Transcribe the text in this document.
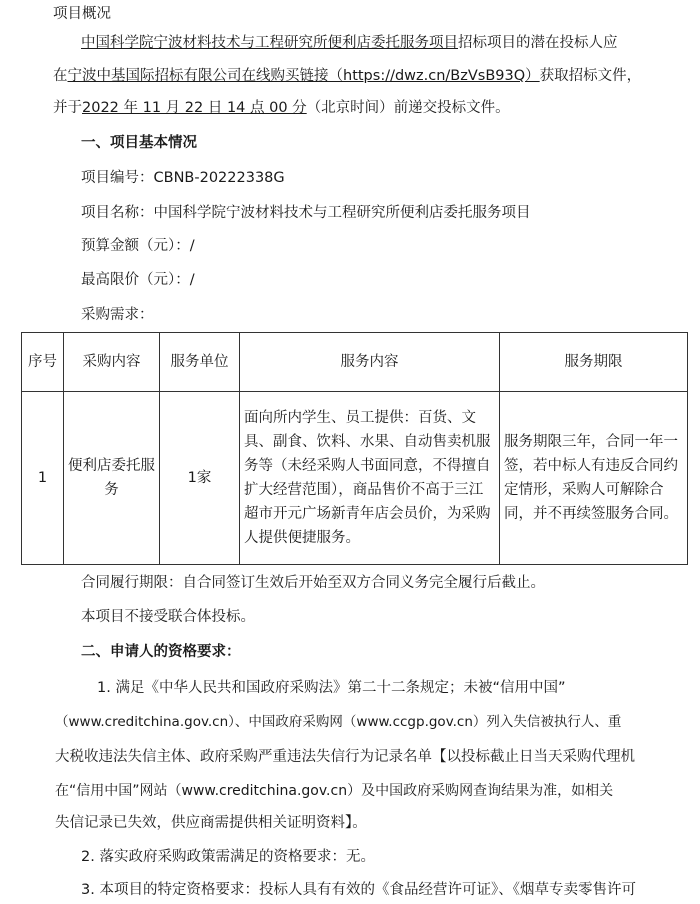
项目概况
中国科学院宁波材料技术与工程研究所便利店委托服务项目招标项目的潜在投标人应
在宁波中基国际招标有限公司在线购买链接（https://dwz.cn/BzVsB93Q）获取招标文件，
并于2022 年 11 月 22 日 14 点 00 分（北京时间）前递交投标文件。
一、项目基本情况
项目编号：CBNB-20222338G
项目名称：中国科学院宁波材料技术与工程研究所便利店委托服务项目
预算金额（元）：/
最高限价（元）：/
采购需求：
序号	采购内容	服务单位	服务内容	服务期限
1	便利店委托服务	1家	面向所内学生、员工提供：百货、文具、副食、饮料、水果、自动售卖机服务等（未经采购人书面同意，不得擅自扩大经营范围），商品售价不高于三江超市开元广场新青年店会员价，为采购人提供便捷服务。	服务期限三年，合同一年一签，若中标人有违反合同约定情形，采购人可解除合同，并不再续签服务合同。
合同履行期限：自合同签订生效后开始至双方合同义务完全履行后截止。
本项目不接受联合体投标。
二、申请人的资格要求：
1. 满足《中华人民共和国政府采购法》第二十二条规定；未被“信用中国”
（www.creditchina.gov.cn）、中国政府采购网（www.ccgp.gov.cn）列入失信被执行人、重
大税收违法失信主体、政府采购严重违法失信行为记录名单【以投标截止日当天采购代理机
在“信用中国”网站（www.creditchina.gov.cn）及中国政府采购网查询结果为准，如相关
失信记录已失效，供应商需提供相关证明资料】。
2. 落实政府采购政策需满足的资格要求：无。
3. 本项目的特定资格要求：投标人具有有效的《食品经营许可证》、《烟草专卖零售许可
